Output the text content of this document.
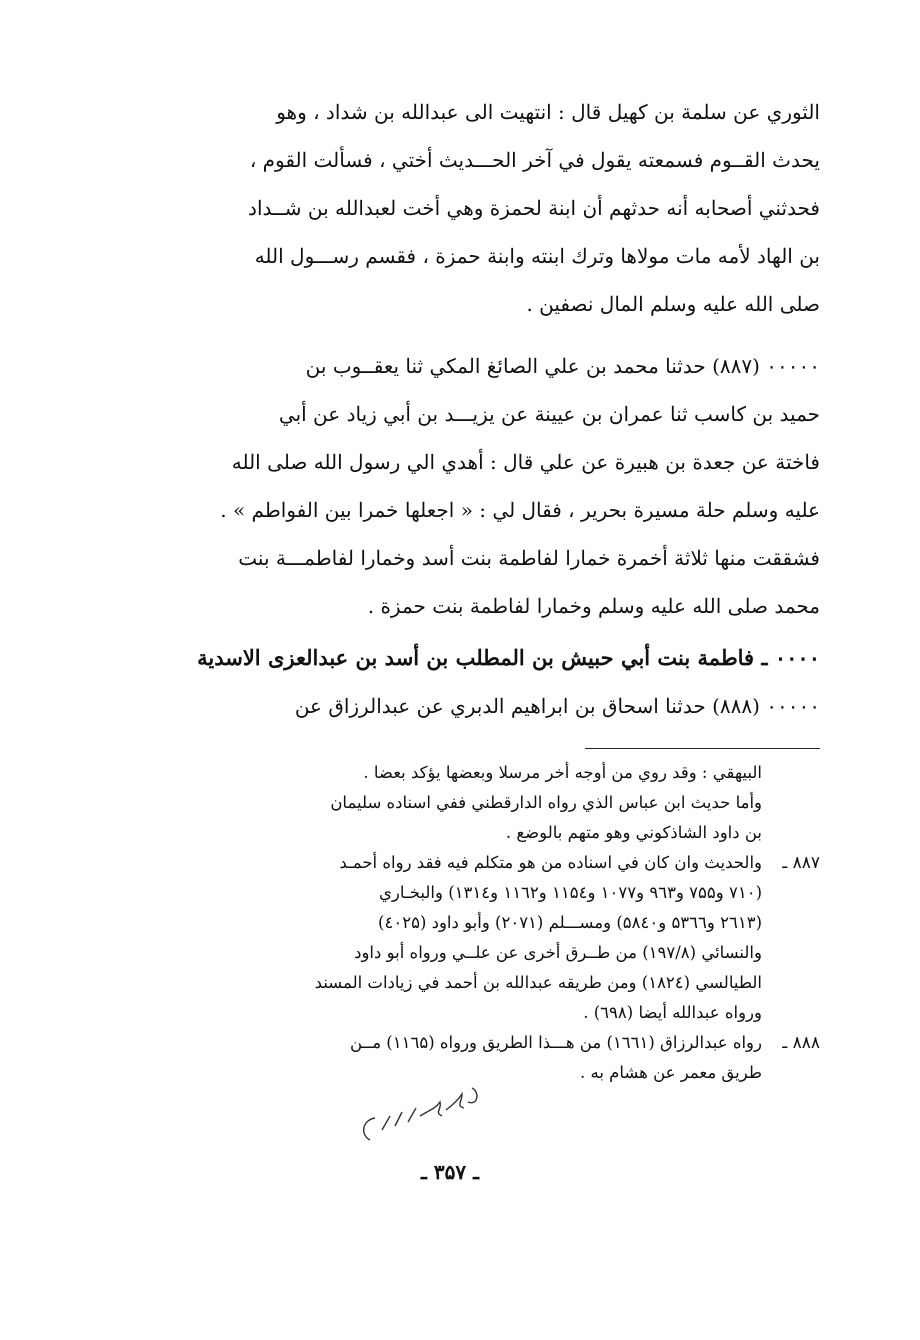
الثوري عن سلمة بن كهيل قال : انتهيت الى عبدالله بن شداد ، وهو
يحدث القــوم فسمعته يقول في آخر الحـــديث أختي ، فسألت القوم ،
فحدثني أصحابه أنه حدثهم أن ابنة لحمزة وهي أخت لعبدالله بن شــداد
بن الهاد لأمه مات مولاها وترك ابنته وابنة حمزة ، فقسم رســـول الله
صلى الله عليه وسلم المال نصفين .
۰۰۰۰۰ (۸۸۷) حدثنا محمد بن علي الصائغ المكي ثنا يعقــوب بن
حميد بن كاسب ثنا عمران بن عيينة عن يزيـــد بن أبي زياد عن أبي
فاختة عن جعدة بن هبيرة عن علي قال : أهدي الي رسول الله صلى الله
عليه وسلم حلة مسيرة بحرير ، فقال لي : « اجعلها خمرا بين الفواطم » .
فشققت منها ثلاثة أخمرة خمارا لفاطمة بنت أسد وخمارا لفاطمـــة بنت
محمد صلى الله عليه وسلم وخمارا لفاطمة بنت حمزة .
۰۰۰۰ ـ فاطمة بنت أبي حبيش بن المطلب بن أسد بن عبدالعزى الاسدية
۰۰۰۰۰ (۸۸۸) حدثنا اسحاق بن ابراهيم الدبري عن عبدالرزاق عن
البيهقي : وقد روي من أوجه أخر مرسلا وبعضها يؤكد بعضا .
وأما حديث ابن عباس الذي رواه الدارقطني ففي اسناده سليمان
بن داود الشاذكوني وهو متهم بالوضع .
۸۸۷ ـ
والحديث وان كان في اسناده من هو متكلم فيه فقد رواه أحمـد
(۷۱۰ و۷۵۵ و۹٦۳ و۱۰۷۷ و۱۱۵٤ و۱۱٦۲ و۱۳۱٤) والبخـاري
(۲٦۱۳ و۵۳٦٦ و۵۸٤۰) ومســـلم (۲۰۷۱) وأبو داود (٤۰۲۵)
والنسائي (۱۹۷/۸) من طــرق أخرى عن علــي ورواه أبو داود
الطيالسي (۱۸۲٤) ومن طريقه عبدالله بن أحمد في زيادات المسند
ورواه عبدالله أيضا (٦۹۸) .
۸۸۸ ـ
رواه عبدالرزاق (۱٦٦۱) من هـــذا الطريق ورواه (۱۱٦۵) مــن
طريق معمر عن هشام به .
ـ ۳۵۷ ـ
